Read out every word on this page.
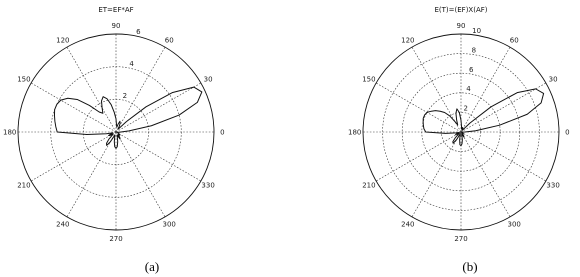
0
30
60
90
120
150
180
210
240
270
300
330
2
4
6
ET=EF*AF
0
30
60
90
120
150
180
210
240
270
300
330
2
4
6
8
10
E(T)=(EF)X(AF)
(a)	(b)
